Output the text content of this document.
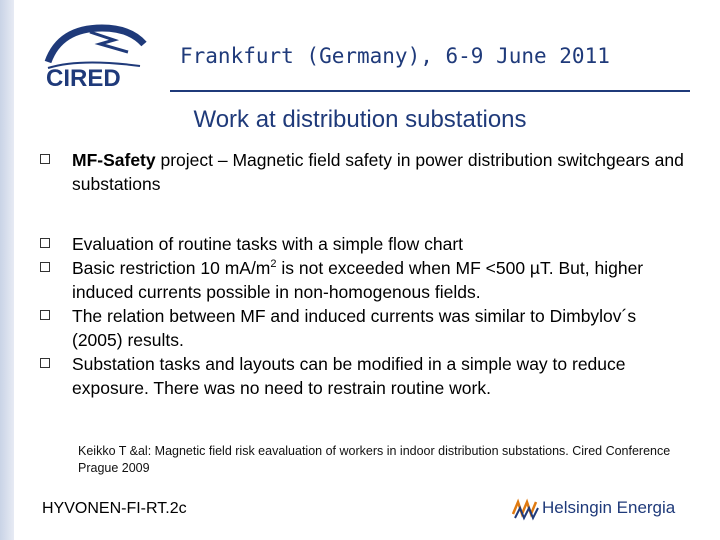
CIRED
Frankfurt (Germany), 6-9 June 2011
Work at distribution substations
MF-Safety project – Magnetic field safety in power distribution switchgears and substations
Evaluation of routine tasks with a simple flow chart
Basic restriction 10 $mA/m^2$ is not exceeded when MF <500 µT. But, higher induced currents possible in non-homogenous fields.
The relation between MF and induced currents was similar to Dimbylov´s (2005) results.
Substation tasks and layouts can be modified in a simple way to reduce exposure. There was no need to restrain routine work.
Keikko T &al: Magnetic field risk eavaluation of workers in indoor distribution substations. Cired Conference Prague 2009
HYVONEN-FI-RT.2c	Helsingin Energia
